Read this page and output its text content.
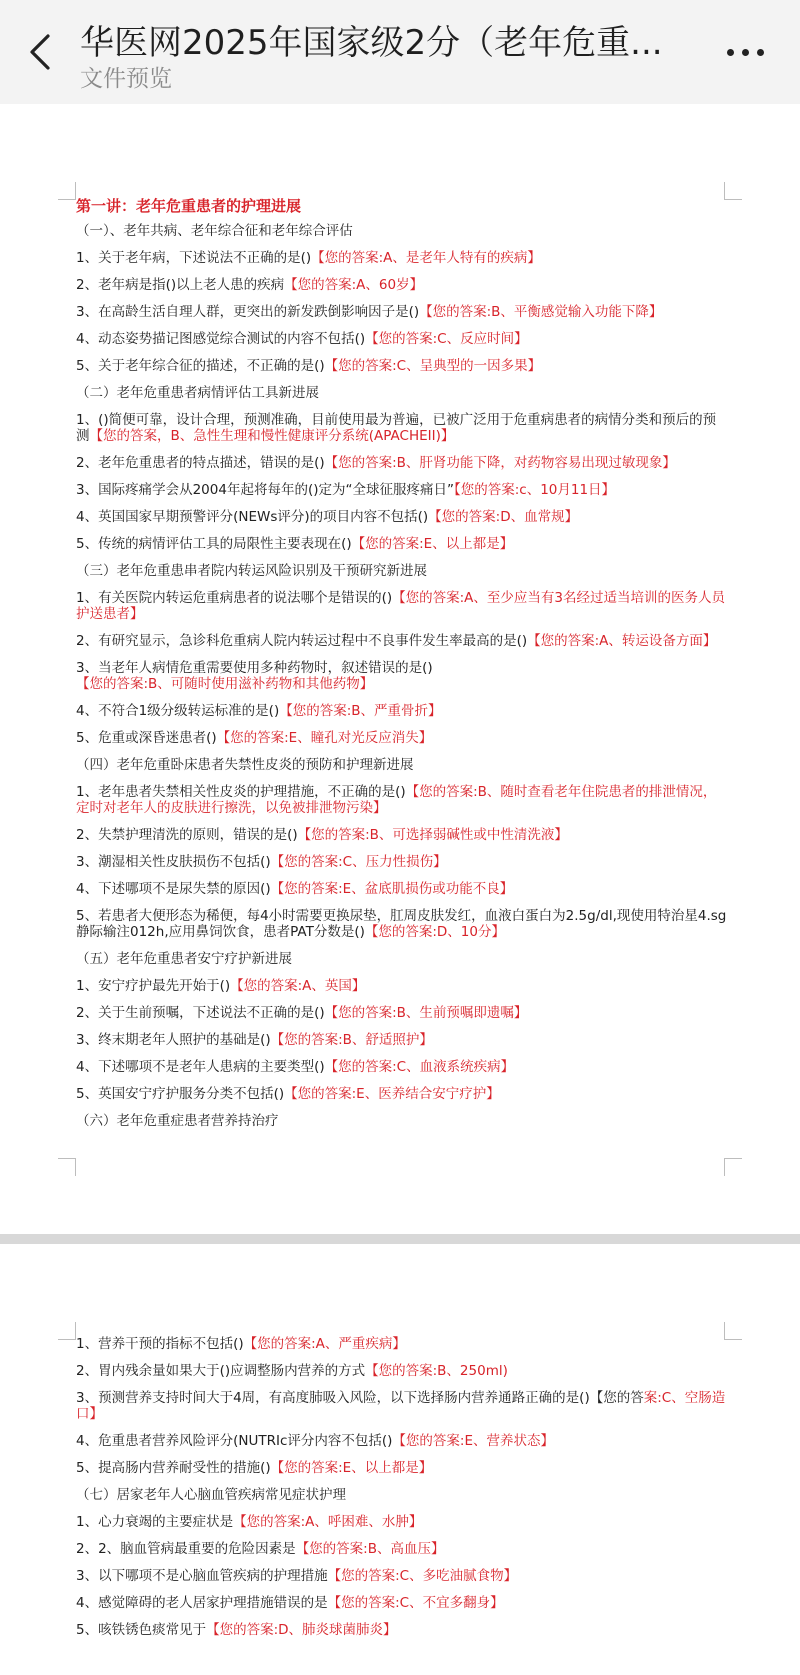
华医网2025年国家级2分（老年危重...
文件预览
第一讲：老年危重患者的护理进展
（一）、老年共病、老年综合征和老年综合评估
1、关于老年病，下述说法不正确的是()【您的答案:A、是老年人特有的疾病】
2、老年病是指()以上老人患的疾病【您的答案:A、60岁】
3、在高龄生活自理人群，更突出的新发跌倒影响因子是()【您的答案:B、平衡感觉输入功能下降】
4、动态姿势描记图感觉综合测试的内容不包括()【您的答案:C、反应时间】
5、关于老年综合征的描述，不正确的是()【您的答案:C、呈典型的一因多果】
（二）老年危重患者病情评估工具新进展
1、()简便可靠，设计合理，预测准确，目前使用最为普遍，已被广泛用于危重病患者的病情分类和预后的预测【您的答案，B、急性生理和慢性健康评分系统(APACHEII)】
2、老年危重患者的特点描述，错误的是()【您的答案:B、肝肾功能下降，对药物容易出现过敏现象】
3、国际疼痛学会从2004年起将每年的()定为“全球征服疼痛日”【您的答案:c、10月11日】
4、英国国家早期预警评分(NEWs评分)的项目内容不包括()【您的答案:D、血常规】
5、传统的病情评估工具的局限性主要表现在()【您的答案:E、以上都是】
（三）老年危重患串者院内转运风险识别及干预研究新进展
1、有关医院内转运危重病患者的说法哪个是错误的()【您的答案:A、至少应当有3名经过适当培训的医务人员护送患者】
2、有研究显示，急诊科危重病人院内转运过程中不良事件发生率最高的是()【您的答案:A、转运设备方面】
3、当老年人病情危重需要使用多种药物时，叙述错误的是()【您的答案:B、可随时使用滋补药物和其他药物】
4、不符合1级分级转运标准的是()【您的答案:B、严重骨折】
5、危重或深昏迷患者()【您的答案:E、瞳孔对光反应消失】
（四）老年危重卧床患者失禁性皮炎的预防和护理新进展
1、老年患者失禁相关性皮炎的护理措施，不正确的是()【您的答案:B、随时查看老年住院患者的排泄情况，定时对老年人的皮肤进行擦洗，以免被排泄物污染】
2、失禁护理清洗的原则，错误的是()【您的答案:B、可选择弱碱性或中性清洗液】
3、潮湿相关性皮肤损伤不包括()【您的答案:C、压力性损伤】
4、下述哪项不是尿失禁的原因()【您的答案:E、盆底肌损伤或功能不良】
5、若患者大便形态为稀便，每4小时需要更换尿垫，肛周皮肤发红，血液白蛋白为2.5g/dl,现使用特治星4.sg静际输注012h,应用鼻饲饮食，患者PAT分数是()【您的答案:D、10分】
（五）老年危重患者安宁疗护新进展
1、安宁疗护最先开始于()【您的答案:A、英国】
2、关于生前预嘱，下述说法不正确的是()【您的答案:B、生前预嘱即遗嘱】
3、终末期老年人照护的基础是()【您的答案:B、舒适照护】
4、下述哪项不是老年人患病的主要类型()【您的答案:C、血液系统疾病】
5、英国安宁疗护服务分类不包括()【您的答案:E、医养结合安宁疗护】
（六）老年危重症患者营养持治疗
1、营养干预的指标不包括()【您的答案:A、严重疾病】
2、胃内残余量如果大于()应调整肠内营养的方式【您的答案:B、250ml)
3、预测营养支持时间大于4周，有高度肺吸入风险，以下选择肠内营养通路正确的是()【您的答案:C、空肠造口】
4、危重患者营养风险评分(NUTRIc评分内容不包括()【您的答案:E、营养状态】
5、提高肠内营养耐受性的措施()【您的答案:E、以上都是】
（七）居家老年人心脑血管疾病常见症状护理
1、心力衰竭的主要症状是【您的答案:A、呼困难、水肿】
2、2、脑血管病最重要的危险因素是【您的答案:B、高血压】
3、以下哪项不是心脑血管疾病的护理措施【您的答案:C、多吃油腻食物】
4、感觉障碍的老人居家护理措施错误的是【您的答案:C、不宜多翻身】
5、咳铁锈色痰常见于【您的答案:D、肺炎球菌肺炎】
